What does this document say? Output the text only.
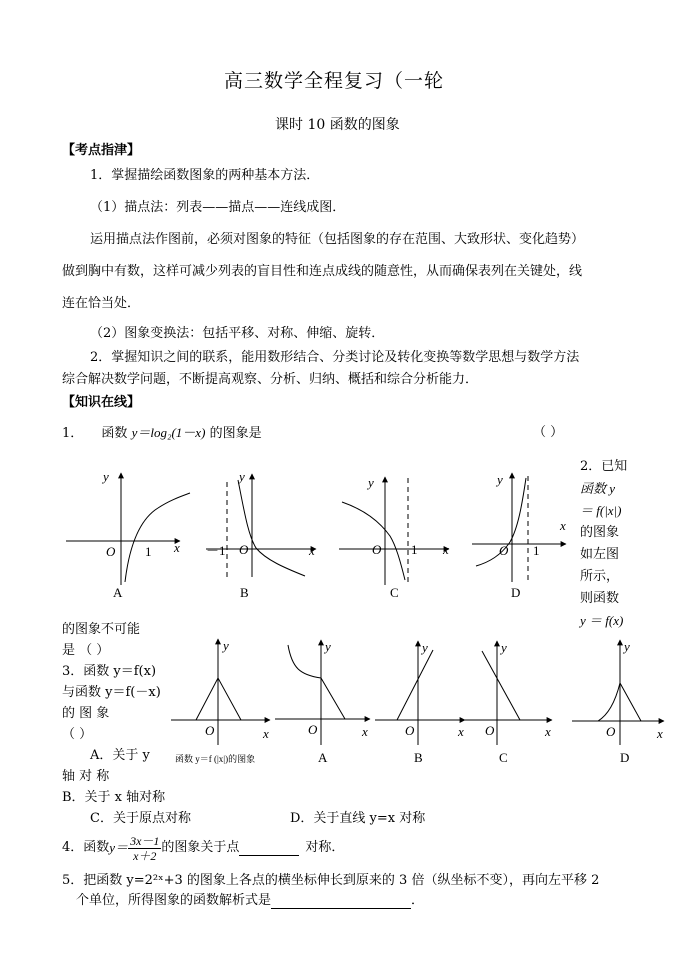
高三数学全程复习（一轮
课时 10 函数的图象
【考点指津】
1．掌握描绘函数图象的两种基本方法．
（1）描点法：列表——描点——连线成图．
运用描点法作图前，必须对图象的特征（包括图象的存在范围、大致形状、变化趋势）
做到胸中有数，这样可减少列表的盲目性和连点成线的随意性，从而确保表列在关键处，线
连在恰当处．
（2）图象变换法：包括平移、对称、伸缩、旋转．
2．掌握知识之间的联系，能用数形结合、分类讨论及转化变换等数学思想与数学方法
综合解决数学问题，不断提高观察、分析、归纳、概括和综合分析能力．
【知识在线】
1． 函数 y＝log₂(1－x) 的图象是	（ ）
y
x
O 1
y
x
O
－1
y
x
O 1
y
x
O 1
A	B	C	D
y
x
O
y
x
O
y
x
O
y
x
O
y
x
O
函数 y＝f (|x|)的图象	A	B	C	D
2．已知
函数 y
＝ f(|x|)
的图象
如左图
所示，
则函数
y ＝ f(x)
的图象不可能
是 （ ）
3．函数 y＝f(x)
与函数 y＝f(－x)
的 图 象
（ ）
A．关于 y
轴 对 称
B．关于 x 轴对称
C．关于原点对称	D．关于直线 y=x 对称
4．函数 $y= \frac{3x-1}{x+2}$ 的图象关于点	对称．
5．把函数 y=2²ˣ+3 的图象上各点的横坐标伸长到原来的 3 倍（纵坐标不变），再向左平移 2
个单位，所得图象的函数解析式是	．
